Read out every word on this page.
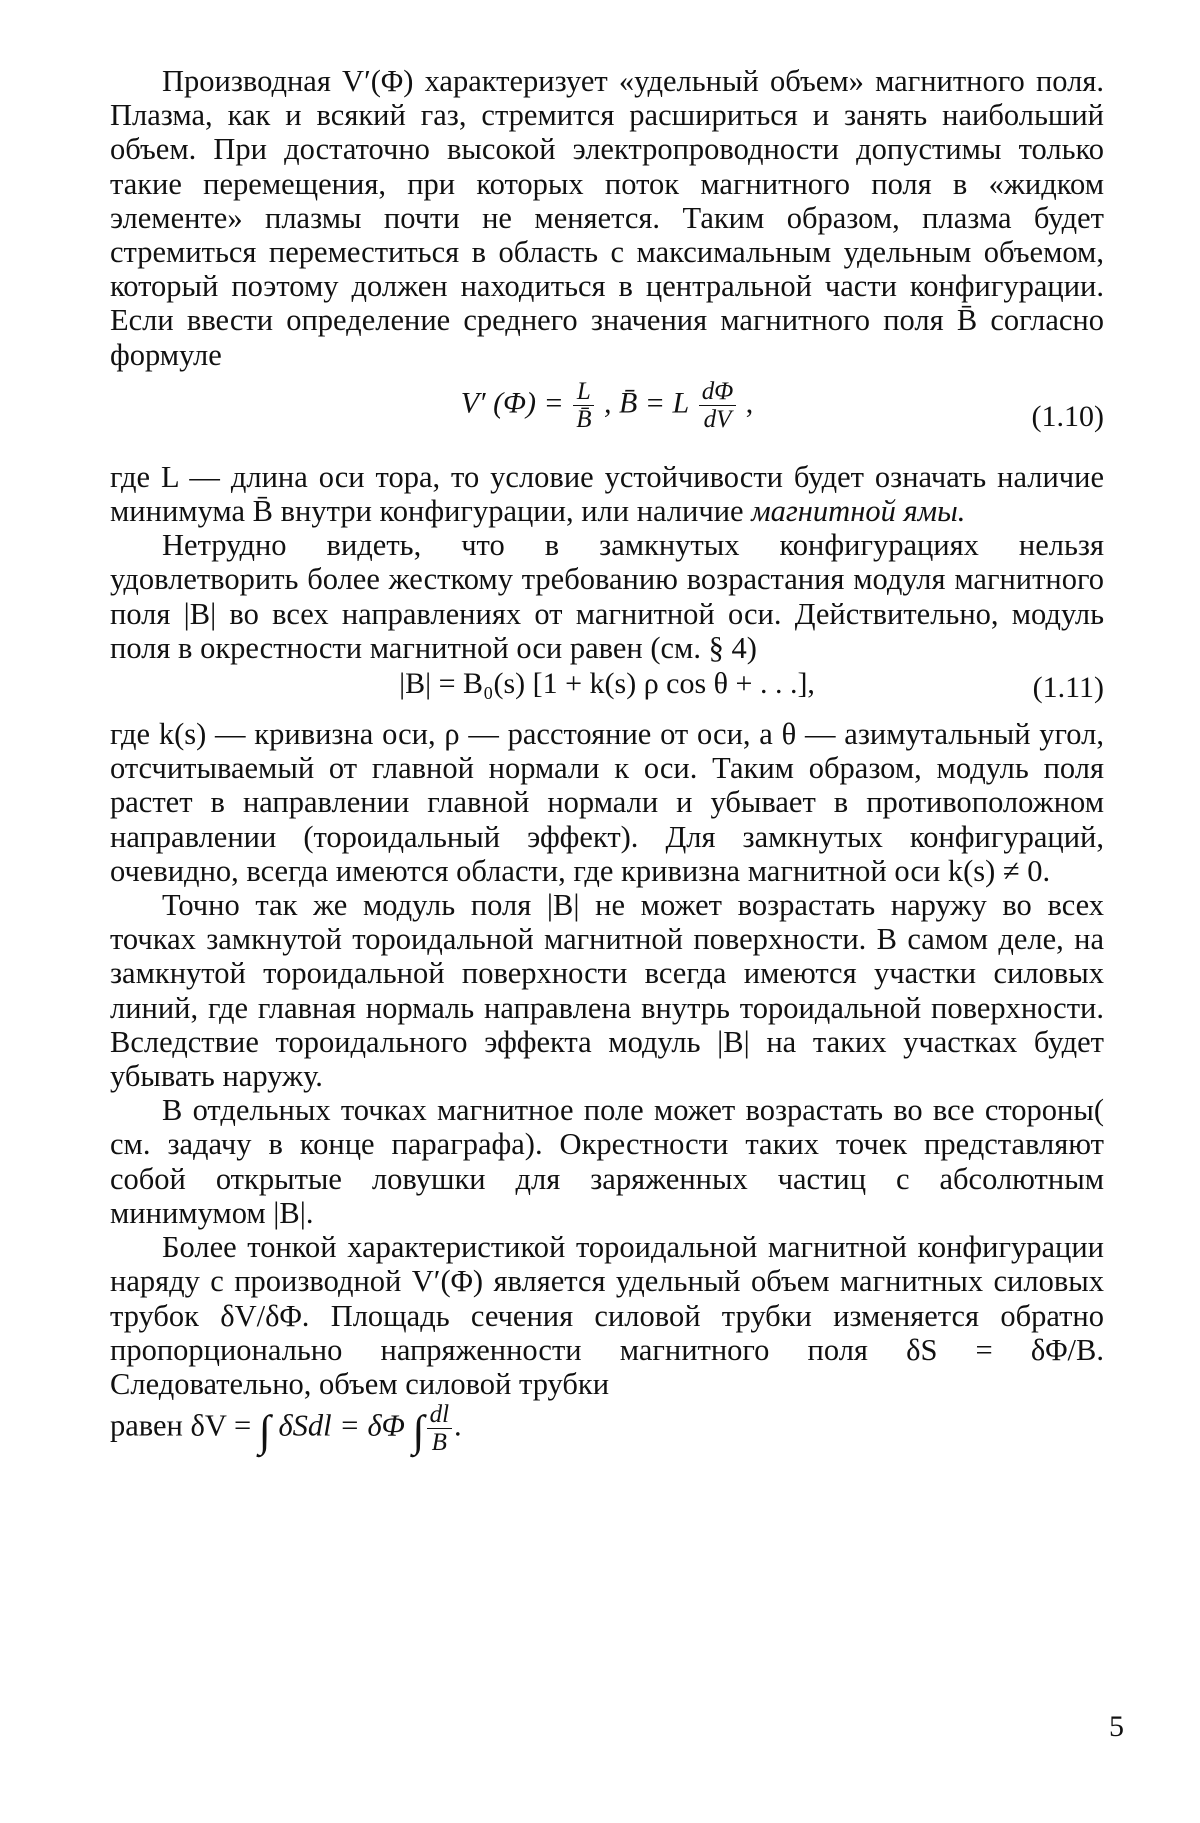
Производная V′(Φ) характеризует «удельный объем» магнитного поля. Плазма, как и всякий газ, стремится расшириться и занять наибольший объем. При достаточно высокой электропроводности допустимы только такие перемещения, при которых поток магнитного поля в «жидком элементе» плазмы почти не меняется. Таким образом, плазма будет стремиться переместиться в область с максимальным удельным объемом, который поэтому должен находиться в центральной части конфигурации. Если ввести определение среднего значения магнитного поля B̄ согласно формуле

V′ $(\Phi) = \frac{L}{B̄}$ , B̄ = L $\frac{d\Phi}{dV}$ ,	(1.10)

где L — длина оси тора, то условие устойчивости будет означать наличие минимума B̄ внутри конфигурации, или наличие магнитной ямы.

Нетрудно видеть, что в замкнутых конфигурациях нельзя удовлетворить более жесткому требованию возрастания модуля магнитного поля |B| во всех направлениях от магнитной оси. Действительно, модуль поля в окрестности магнитной оси равен (см. § 4)

|B| = B₀(s) [1 + k(s) ρ cos θ + . . .],	(1.11)

где k(s) — кривизна оси, ρ — расстояние от оси, а θ — азимутальный угол, отсчитываемый от главной нормали к оси. Таким образом, модуль поля растет в направлении главной нормали и убывает в противоположном направлении (тороидальный эффект). Для замкнутых конфигураций, очевидно, всегда имеются области, где кривизна магнитной оси k(s) ≠ 0.

Точно так же модуль поля |B| не может возрастать наружу во всех точках замкнутой тороидальной магнитной поверхности. В самом деле, на замкнутой тороидальной поверхности всегда имеются участки силовых линий, где главная нормаль направлена внутрь тороидальной поверхности. Вследствие тороидального эффекта модуль |B| на таких участках будет убывать наружу.

В отдельных точках магнитное поле может возрастать во все стороны( см. задачу в конце параграфа). Окрестности таких точек представляют собой открытые ловушки для заряженных частиц с абсолютным минимумом |B|.

Более тонкой характеристикой тороидальной магнитной конфигурации наряду с производной V′(Φ) является удельный объем магнитных силовых трубок δV/δΦ. Площадь сечения силовой трубки изменяется обратно пропорционально напряженности магнитного поля δS = δΦ/B. Следовательно, объем силовой трубки

равен δV = ∫ δSdl = δΦ ∫ $\frac{dl}{B}$ .

5
